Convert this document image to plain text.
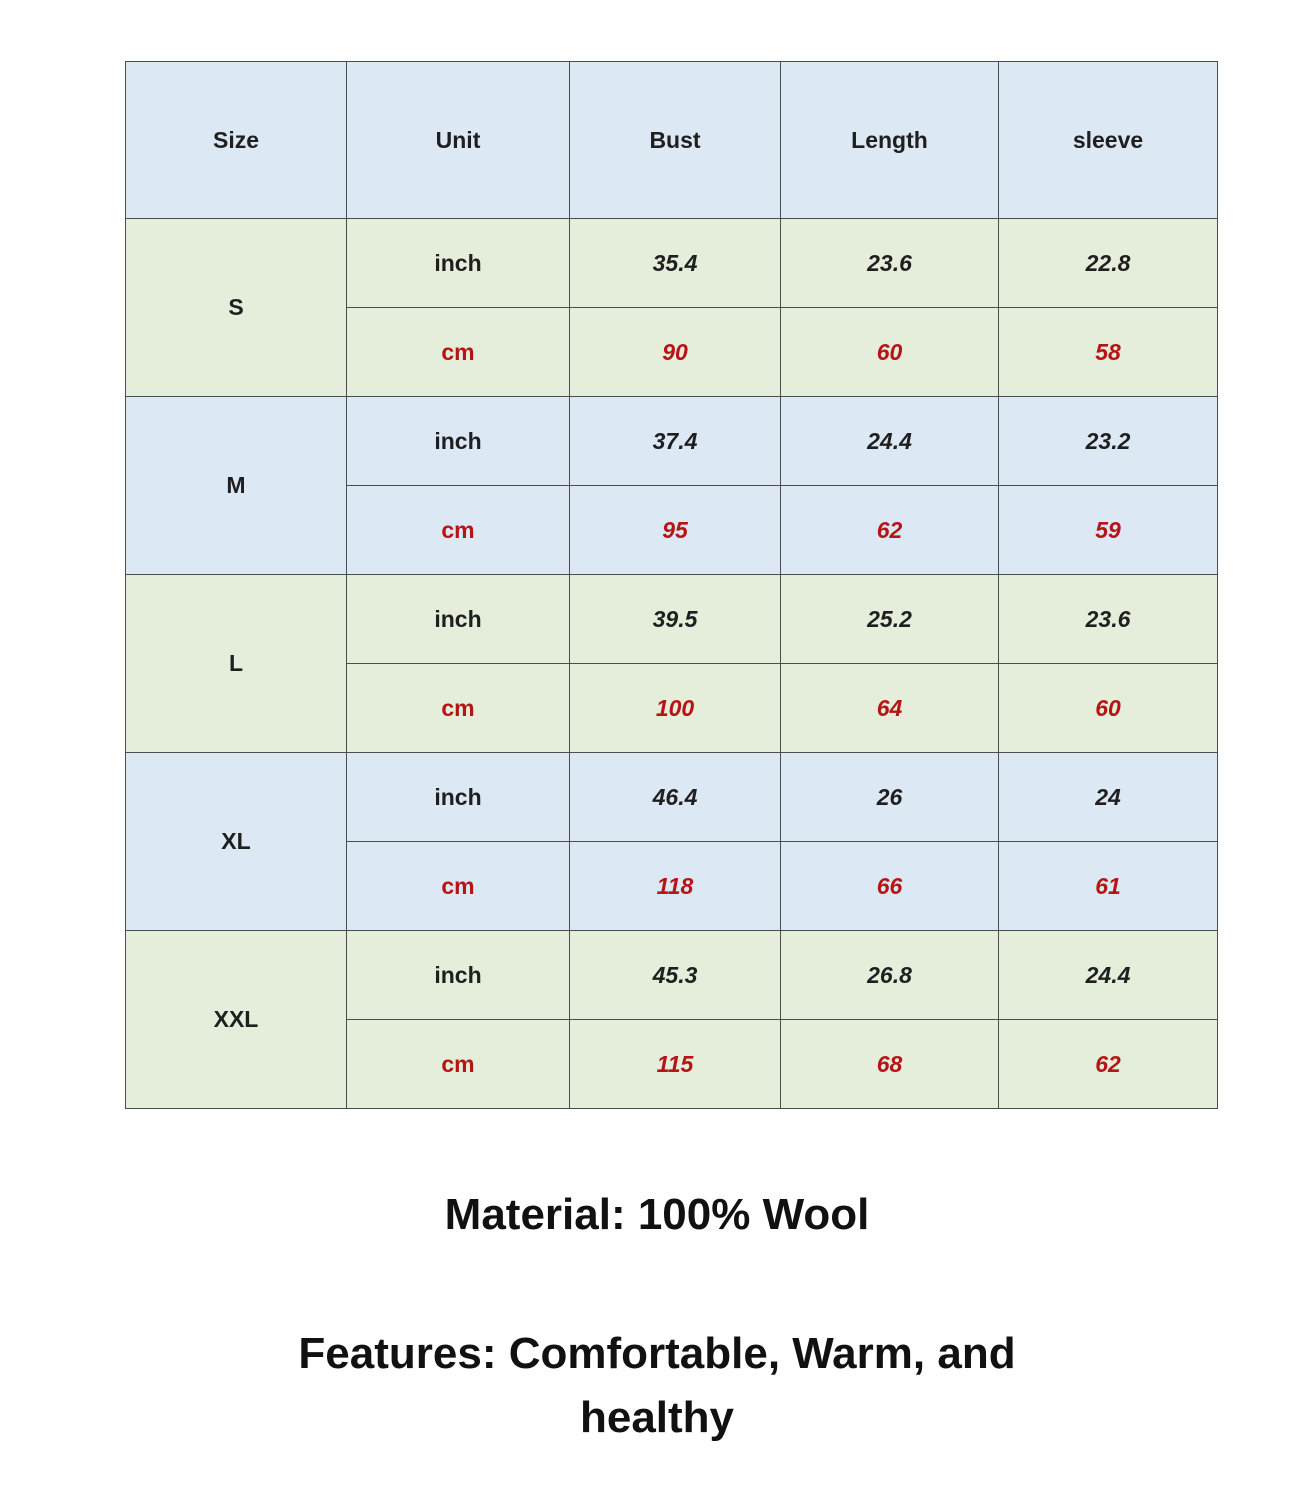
Size	Unit	Bust	Length	sleeve
S	inch	35.4	23.6	22.8
	cm	90	60	58
M	inch	37.4	24.4	23.2
	cm	95	62	59
L	inch	39.5	25.2	23.6
	cm	100	64	60
XL	inch	46.4	26	24
	cm	118	66	61
XXL	inch	45.3	26.8	24.4
	cm	115	68	62
Material: 100% Wool
Features: Comfortable, Warm, and
healthy
